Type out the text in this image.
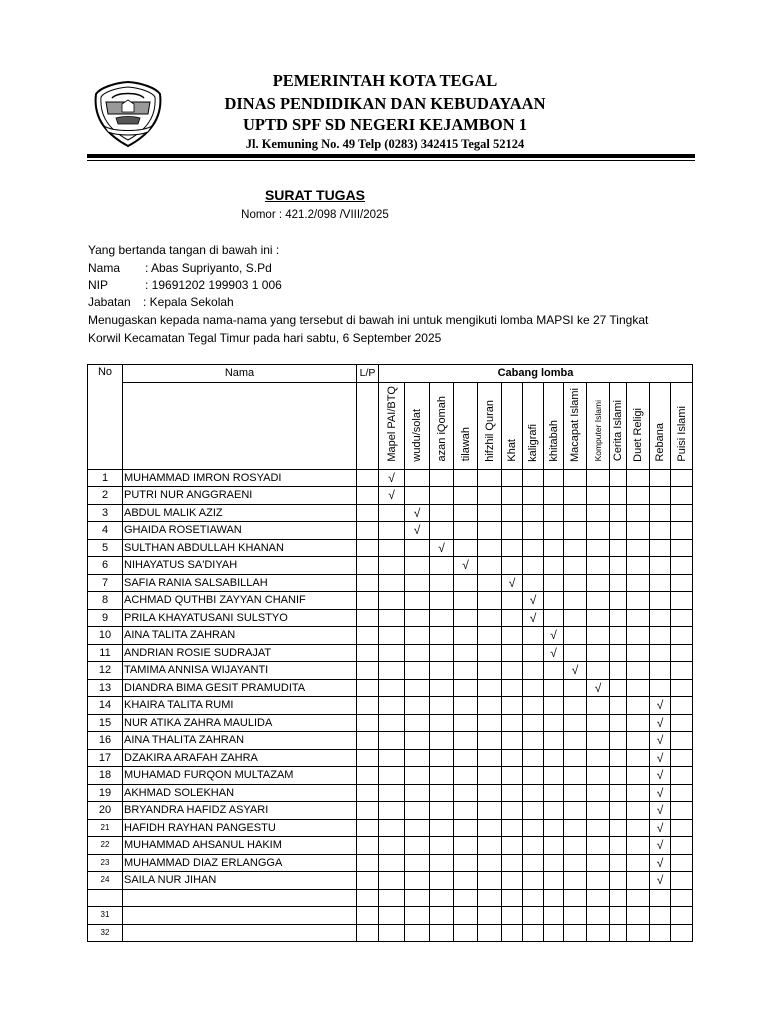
PEMERINTAH KOTA TEGAL
DINAS PENDIDIKAN DAN KEBUDAYAAN
UPTD SPF SD NEGERI KEJAMBON 1
Jl. Kemuning No. 49 Telp (0283) 342415 Tegal 52124
SURAT TUGAS
Nomor : 421.2/098 /VIII/2025
Yang bertanda tangan di bawah ini :
Nama : Abas Supriyanto, S.Pd
NIP	: 19691202 199903 1 006
Jabatan : Kepala Sekolah
Menugaskan kepada nama-nama yang tersebut di bawah ini untuk mengikuti lomba MAPSI ke 27 Tingkat
Korwil Kecamatan Tegal Timur pada hari sabtu, 6 September 2025
No	Nama	L/P	Cabang lomba													
			Mapel PAI/BTQ	wudu/solat	azan iQomah	tilawah	hifzhil Quran	Khat	kaligrafi	khitabah	Macapat Islami	Komputer Islami	Cerita Islami	Duet Religi	Rebana	Puisi Islami
1	MUHAMMAD IMRON ROSYADI		√													
2	PUTRI NUR ANGGRAENI		√													
3	ABDUL MALIK AZIZ			√												
4	GHAIDA ROSETIAWAN			√												
5	SULTHAN ABDULLAH KHANAN				√											
6	NIHAYATUS SA'DIYAH					√										
7	SAFIA RANIA SALSABILLAH							√								
8	ACHMAD QUTHBI ZAYYAN CHANIF								√							
9	PRILA KHAYATUSANI SULSTYO								√							
10	AINA TALITA ZAHRAN									√						
11	ANDRIAN ROSIE SUDRAJAT									√						
12	TAMIMA ANNISA WIJAYANTI										√					
13	DIANDRA BIMA GESIT PRAMUDITA											√				
14	KHAIRA TALITA RUMI														√	
15	NUR ATIKA ZAHRA MAULIDA														√	
16	AINA THALITA ZAHRAN														√	
17	DZAKIRA ARAFAH ZAHRA														√	
18	MUHAMAD FURQON MULTAZAM														√	
19	AKHMAD SOLEKHAN														√	
20	BRYANDRA HAFIDZ ASYARI														√	
21	HAFIDH RAYHAN PANGESTU														√	
22	MUHAMMAD AHSANUL HAKIM														√	
23	MUHAMMAD DIAZ ERLANGGA														√	
24	SAILA NUR JIHAN														√	

31																
32																
